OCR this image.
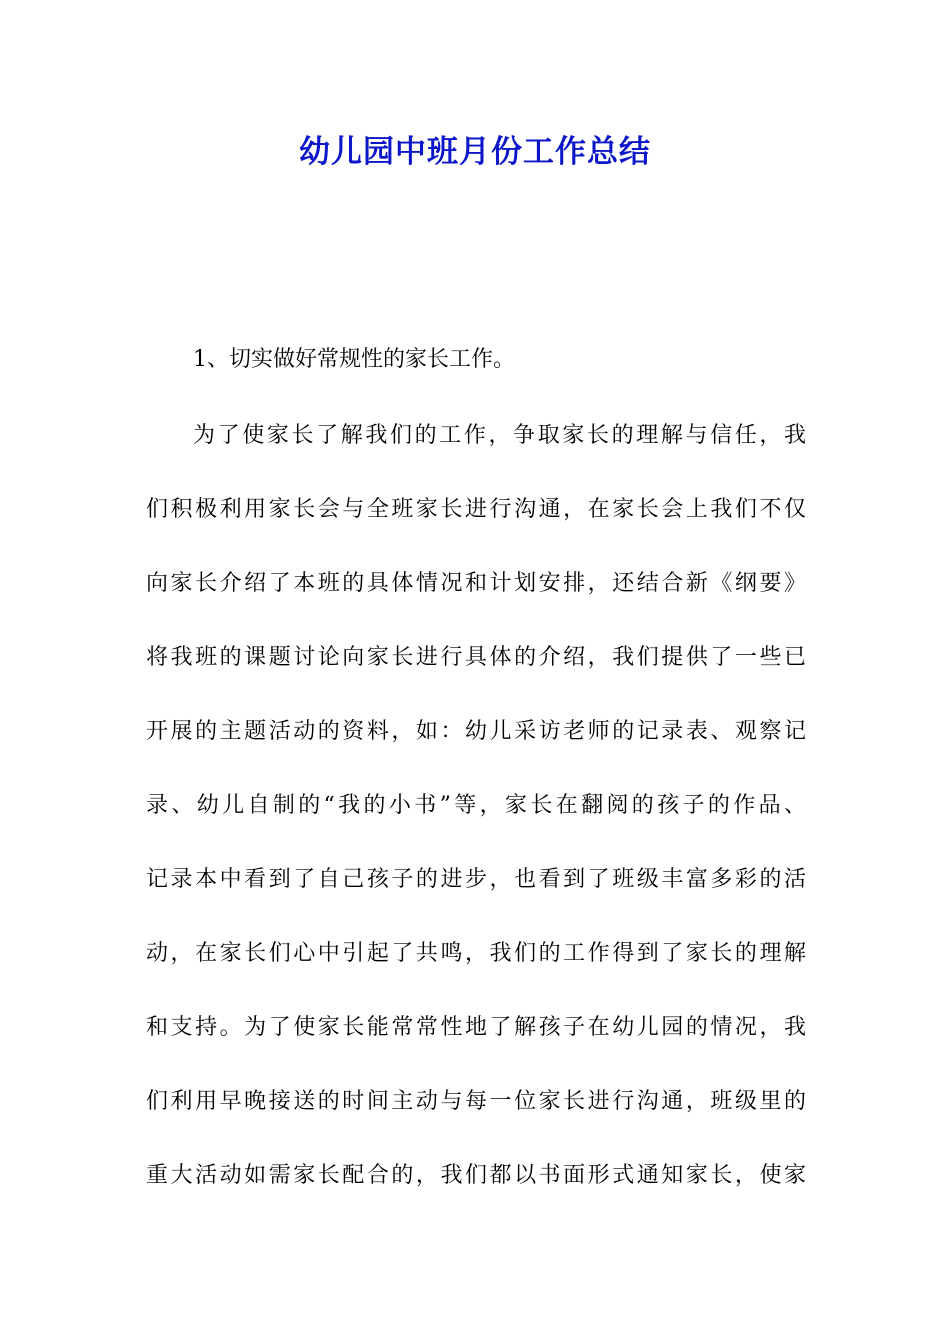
幼儿园中班月份工作总结

1、切实做好常规性的家长工作。

为了使家长了解我们的工作，争取家长的理解与信任，我
们积极利用家长会与全班家长进行沟通，在家长会上我们不仅
向家长介绍了本班的具体情况和计划安排，还结合新《纲要》
将我班的课题讨论向家长进行具体的介绍，我们提供了一些已
开展的主题活动的资料，如：幼儿采访老师的记录表、观察记
录、幼儿自制的“我的小书”等，家长在翻阅的孩子的作品、
记录本中看到了自己孩子的进步，也看到了班级丰富多彩的活
动，在家长们心中引起了共鸣，我们的工作得到了家长的理解
和支持。为了使家长能常常性地了解孩子在幼儿园的情况，我
们利用早晚接送的时间主动与每一位家长进行沟通，班级里的
重大活动如需家长配合的，我们都以书面形式通知家长，使家
